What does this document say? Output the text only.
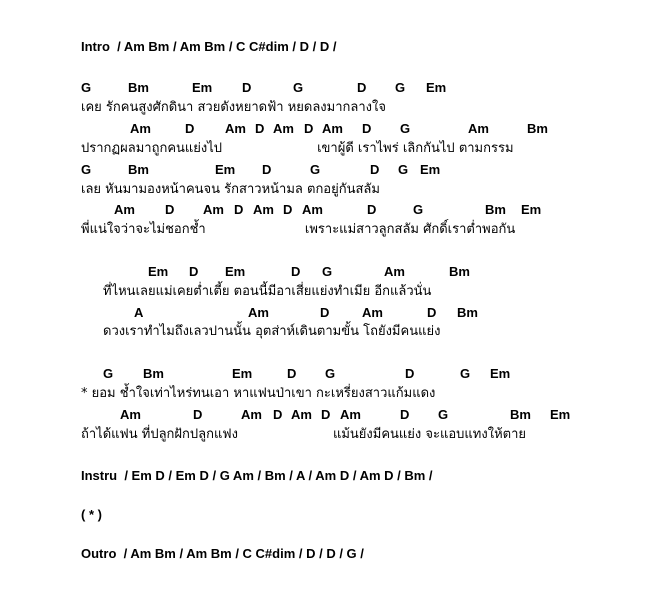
Intro  / Am Bm / Am Bm / C C#dim / D / D /

G

	Bm

	Em

D

	G

	D

G

Em

เคย รักคนสูงศักดินา สวยดังหยาดฟ้า หยดลงมากลางใจ

Am

	D

Am

D

Am

D

Am

D

G

	Am

	Bm

ปรากฏผลมาถูกคนแย่งไป                       เขาผู้ดี เราไพร่ เลิกกันไป ตามกรรม

G

	Bm

	Em

D

	G

	D

G

Em

เลย หันมามองหน้าคนจน รักสาวหน้ามล ตกอยู่กันสลัม

Am

D

Am

D

Am

D

Am

	D

	G

	Bm

Em

พี่แน่ใจว่าจะไม่ชอกช้ำ                        เพราะแม่สาวลูกสลัม ศักดิ์เราต่ำพอกัน

Em

D

Em

	D

G

	Am

	Bm

ที่ไหนเลยแม่เคยต่ำเตี้ย ตอนนี้มีอาเสี่ยแย่งทำเมีย อีกแล้วนั่น

A

	Am

	D

	Am

	D

Bm

ดวงเราทำไมถึงเลวปานนั้น อุตส่าห์เดินตามขั้น โถยังมีคนแย่ง

G

Bm

	Em

	D

G

	D

	G

Em

* ยอม ช้ำใจเท่าไหร่ทนเอา หาแฟนป่าเขา กะเหรี่ยงสาวแก้มแดง

Am

	D

	Am

D

Am

D

Am

	D

G

	Bm

Em

ถ้าได้แฟน ที่ปลูกฝักปลูกแฟง                       แม้นยังมีคนแย่ง จะแอบแทงให้ตาย
Instru  / Em D / Em D / G Am / Bm / A / Am D / Am D / Bm /
( * )
Outro  / Am Bm / Am Bm / C C#dim / D / D / G /
